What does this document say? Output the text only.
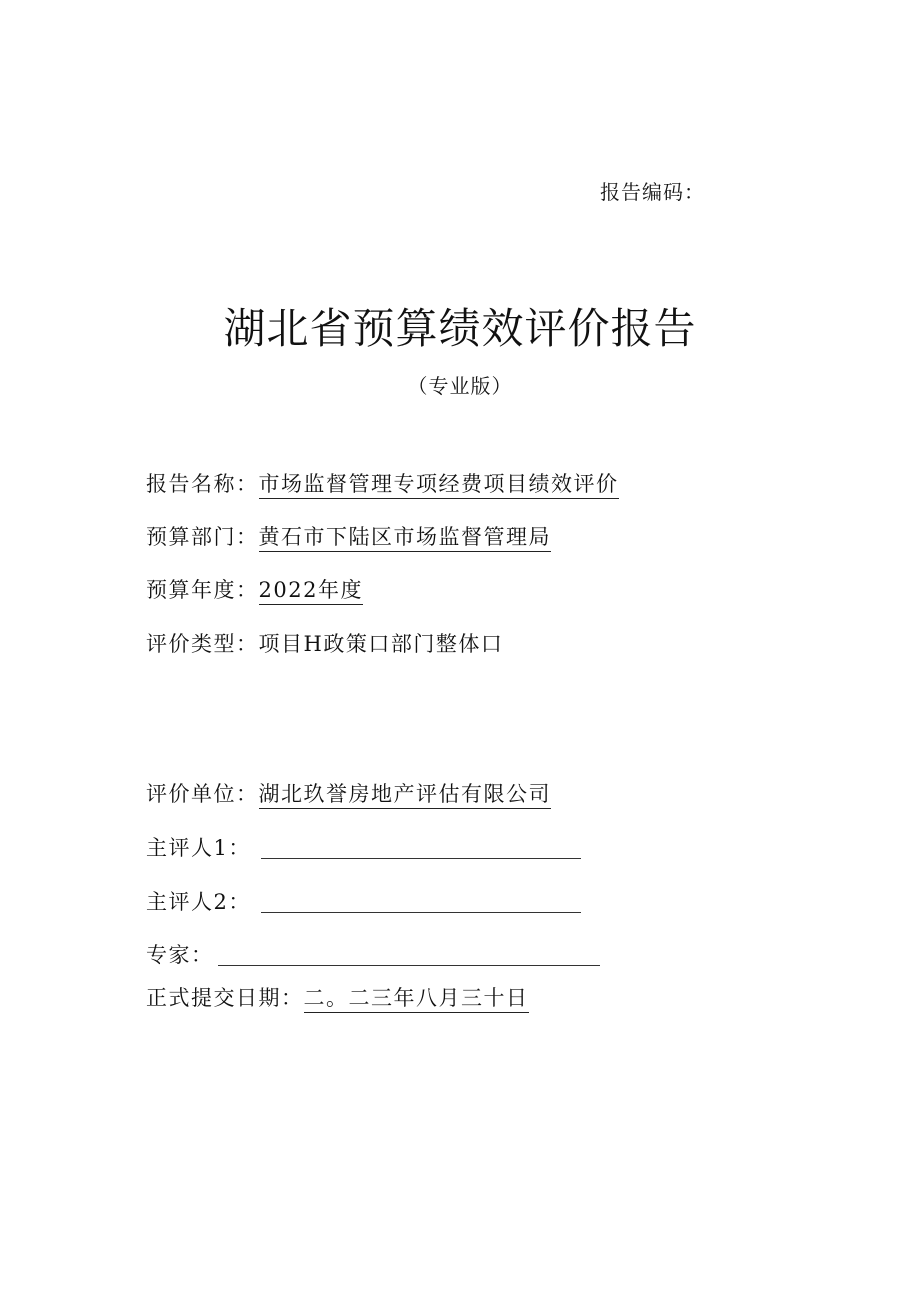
报告编码：
湖北省预算绩效评价报告
（专业版）
报告名称： 市场监督管理专项经费项目绩效评价
预算部门： 黄石市下陆区市场监督管理局
预算年度： 2022年度
评价类型： 项目H政策口部门整体口
评价单位： 湖北玖誉房地产评估有限公司
主评人1：
主评人2：
专家：
正式提交日期： 二。二三年八月三十日
